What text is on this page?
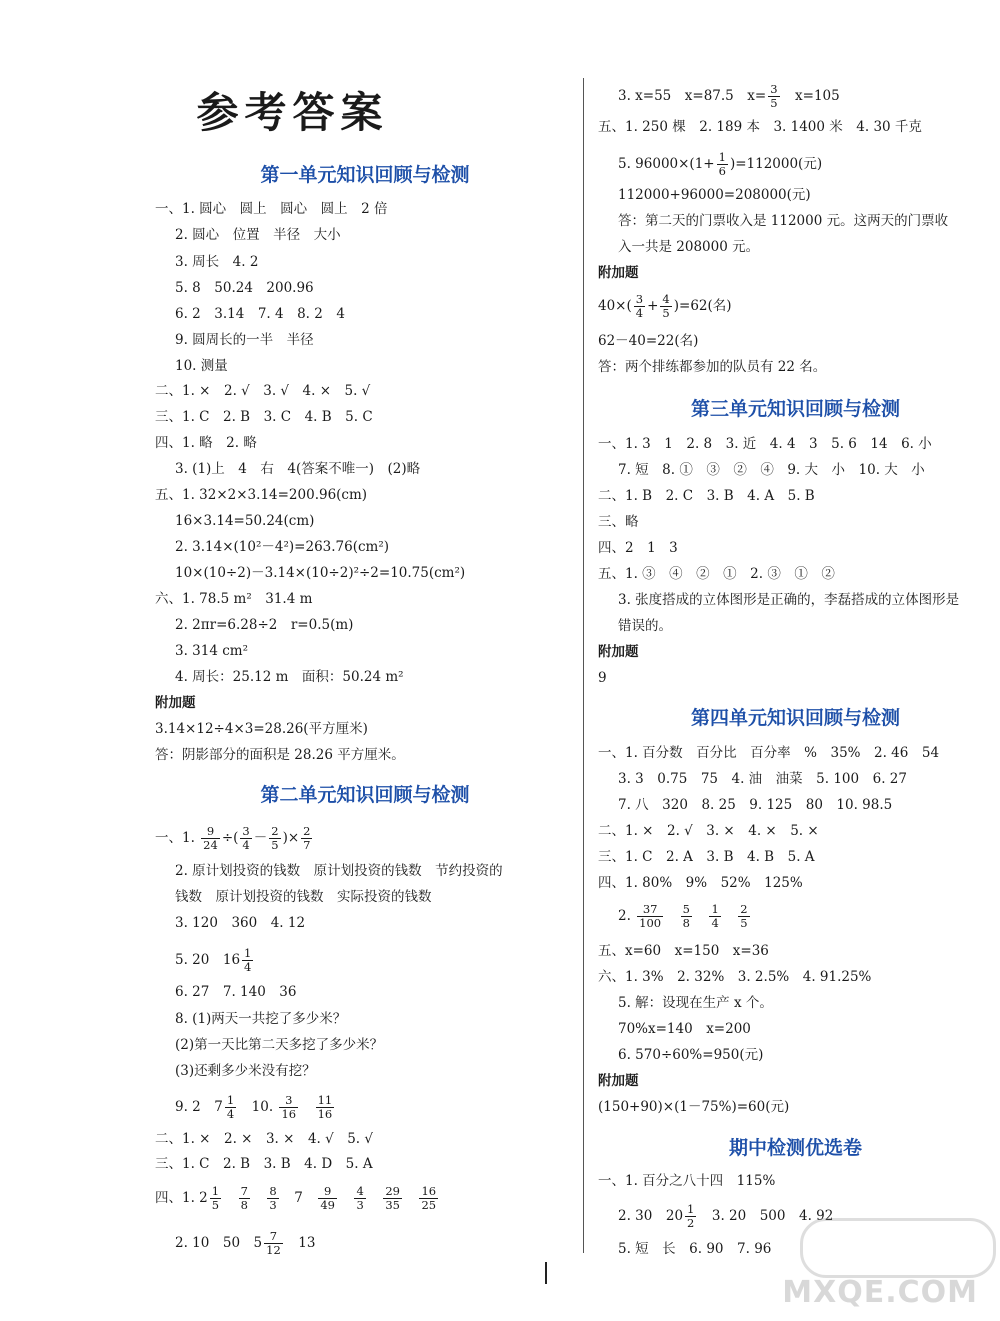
参考答案
第一单元知识回顾与检测
一、1. 圆心　圆上　圆心　圆上　2 倍
2. 圆心　位置　半径　大小
3. 周长　4. 2
5. 8　50.24　200.96
6. 2　3.14　7. 4　8. 2　4
9. 圆周长的一半　半径
10. 测量
二、1. ×　2. √　3. √　4. ×　5. √
三、1. C　2. B　3. C　4. B　5. C
四、1. 略　2. 略
3. (1)上　4　右　4(答案不唯一)　(2)略
五、1. 32×2×3.14=200.96(cm)
16×3.14=50.24(cm)
2. 3.14×(10²－4²)=263.76(cm²)
10×(10÷2)－3.14×(10÷2)²÷2=10.75(cm²)
六、1. 78.5 m²　31.4 m
2. 2πr=6.28÷2　r=0.5(m)
3. 314 cm²
4. 周长：25.12 m　面积：50.24 m²
附加题
3.14×12÷4×3=28.26(平方厘米)
答：阴影部分的面积是 28.26 平方厘米。
第二单元知识回顾与检测
一、1. $\frac{9}{24}$ ÷( $\frac{3}{4} - \frac{2}{5}$ )× $\frac{2}{7}$
2. 原计划投资的钱数　原计划投资的钱数　节约投资的
钱数　原计划投资的钱数　实际投资的钱数
3. 120　360　4. 12
5. 20　$16 \frac{1}{4}$
6. 27　7. 140　36
8. (1)两天一共挖了多少米？
(2)第一天比第二天多挖了多少米？
(3)还剩多少米没有挖？
9. 2　$7 \frac{1}{4}$ 　10. $\frac{3}{16}$
　 $\frac{11}{16}$
二、1. ×　2. ×　3. ×　4. √　5. √
三、1. C　2. B　3. B　4. D　5. A
四、1. $2 \frac{1}{5}$
　 $\frac{7}{8}$
　 $\frac{8}{3}$ 　7　 $\frac{9}{49}$
　 $\frac{4}{3}$
　 $\frac{29}{35}$
　 $\frac{16}{25}$
2. 10　50　$5 \frac{7}{12}$ 　13
3. x=55　x=87.5　$x= \frac{3}{5}$ 　x=105
五、1. 250 棵　2. 189 本　3. 1400 米　4. 30 千克
5. $96000\times(1+ \frac{1}{6} )=112000$(元)
112000+96000=208000(元)
答：第二天的门票收入是 112000 元。这两天的门票收
入一共是 208000 元。
附加题
$40\times( \frac{3}{4} + \frac{4}{5} )=62$(名)
62－40=22(名)
答：两个排练都参加的队员有 22 名。
第三单元知识回顾与检测
一、1. 3　1　2. 8　3. 近　4. 4　3　5. 6　14　6. 小
7. 短　8. ①　③　②　④　9. 大　小　10. 大　小
二、1. B　2. C　3. B　4. A　5. B
三、略
四、2　1　3
五、1. ③　④　②　①　2. ③　①　②
3. 张度搭成的立体图形是正确的，李磊搭成的立体图形是
错误的。
附加题
9
第四单元知识回顾与检测
一、1. 百分数　百分比　百分率　%　35%　2. 46　54
3. 3　0.75　75　4. 油　油菜　5. 100　6. 27
7. 八　320　8. 25　9. 125　80　10. 98.5
二、1. ×　2. √　3. ×　4. ×　5. ×
三、1. C　2. A　3. B　4. B　5. A
四、1. 80%　9%　52%　125%
2. $\frac{37}{100}$
　 $\frac{5}{8}$
　 $\frac{1}{4}$
　 $\frac{2}{5}$
五、x=60　x=150　x=36
六、1. 3%　2. 32%　3. 2.5%　4. 91.25%
5. 解：设现在生产 x 个。
70%x=140　x=200
6. 570÷60%=950(元)
附加题
(150+90)×(1－75%)=60(元)
期中检测优选卷
一、1. 百分之八十四　115%
2. 30　$20 \frac{1}{2}$ 　3. 20　500　4. 92
5. 短　长　6. 90　7. 96
MXQE.COM
